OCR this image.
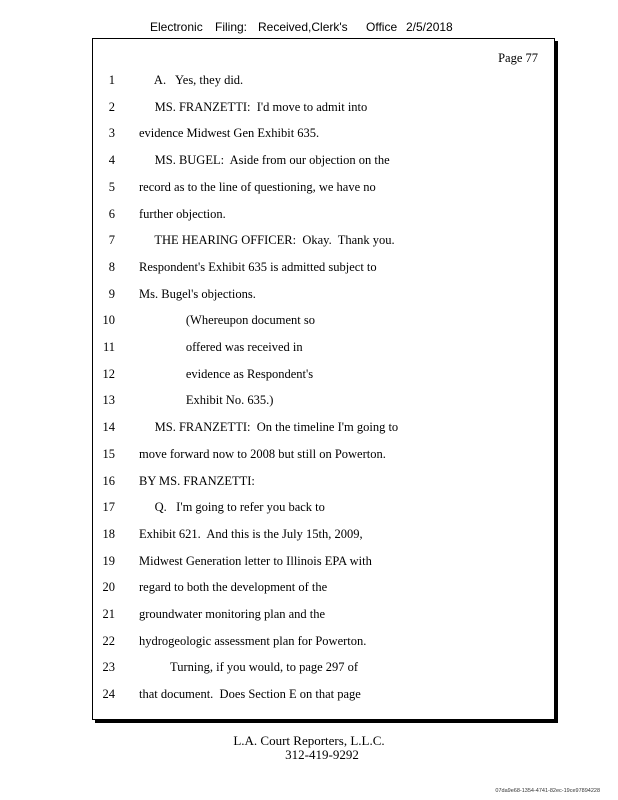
Electronic Filing: Received,Clerk's Office 2/5/2018
Page 77
1 A.   Yes, they did.
2 MS. FRANZETTI:  I'd move to admit into
3 evidence Midwest Gen Exhibit 635.
4 MS. BUGEL:  Aside from our objection on the
5 record as to the line of questioning, we have no
6 further objection.
7 THE HEARING OFFICER:  Okay.  Thank you.
8 Respondent's Exhibit 635 is admitted subject to
9 Ms. Bugel's objections.
10 (Whereupon document so
11 offered was received in
12 evidence as Respondent's
13 Exhibit No. 635.)
14 MS. FRANZETTI:  On the timeline I'm going to
15 move forward now to 2008 but still on Powerton.
16 BY MS. FRANZETTI:
17 Q.   I'm going to refer you back to
18 Exhibit 621.  And this is the July 15th, 2009,
19 Midwest Generation letter to Illinois EPA with
20 regard to both the development of the
21 groundwater monitoring plan and the
22 hydrogeologic assessment plan for Powerton.
23 Turning, if you would, to page 297 of
24 that document.  Does Section E on that page
L.A. Court Reporters, L.L.C.
312-419-9292
07da9e68-1354-4741-82ec-19ce97894228
